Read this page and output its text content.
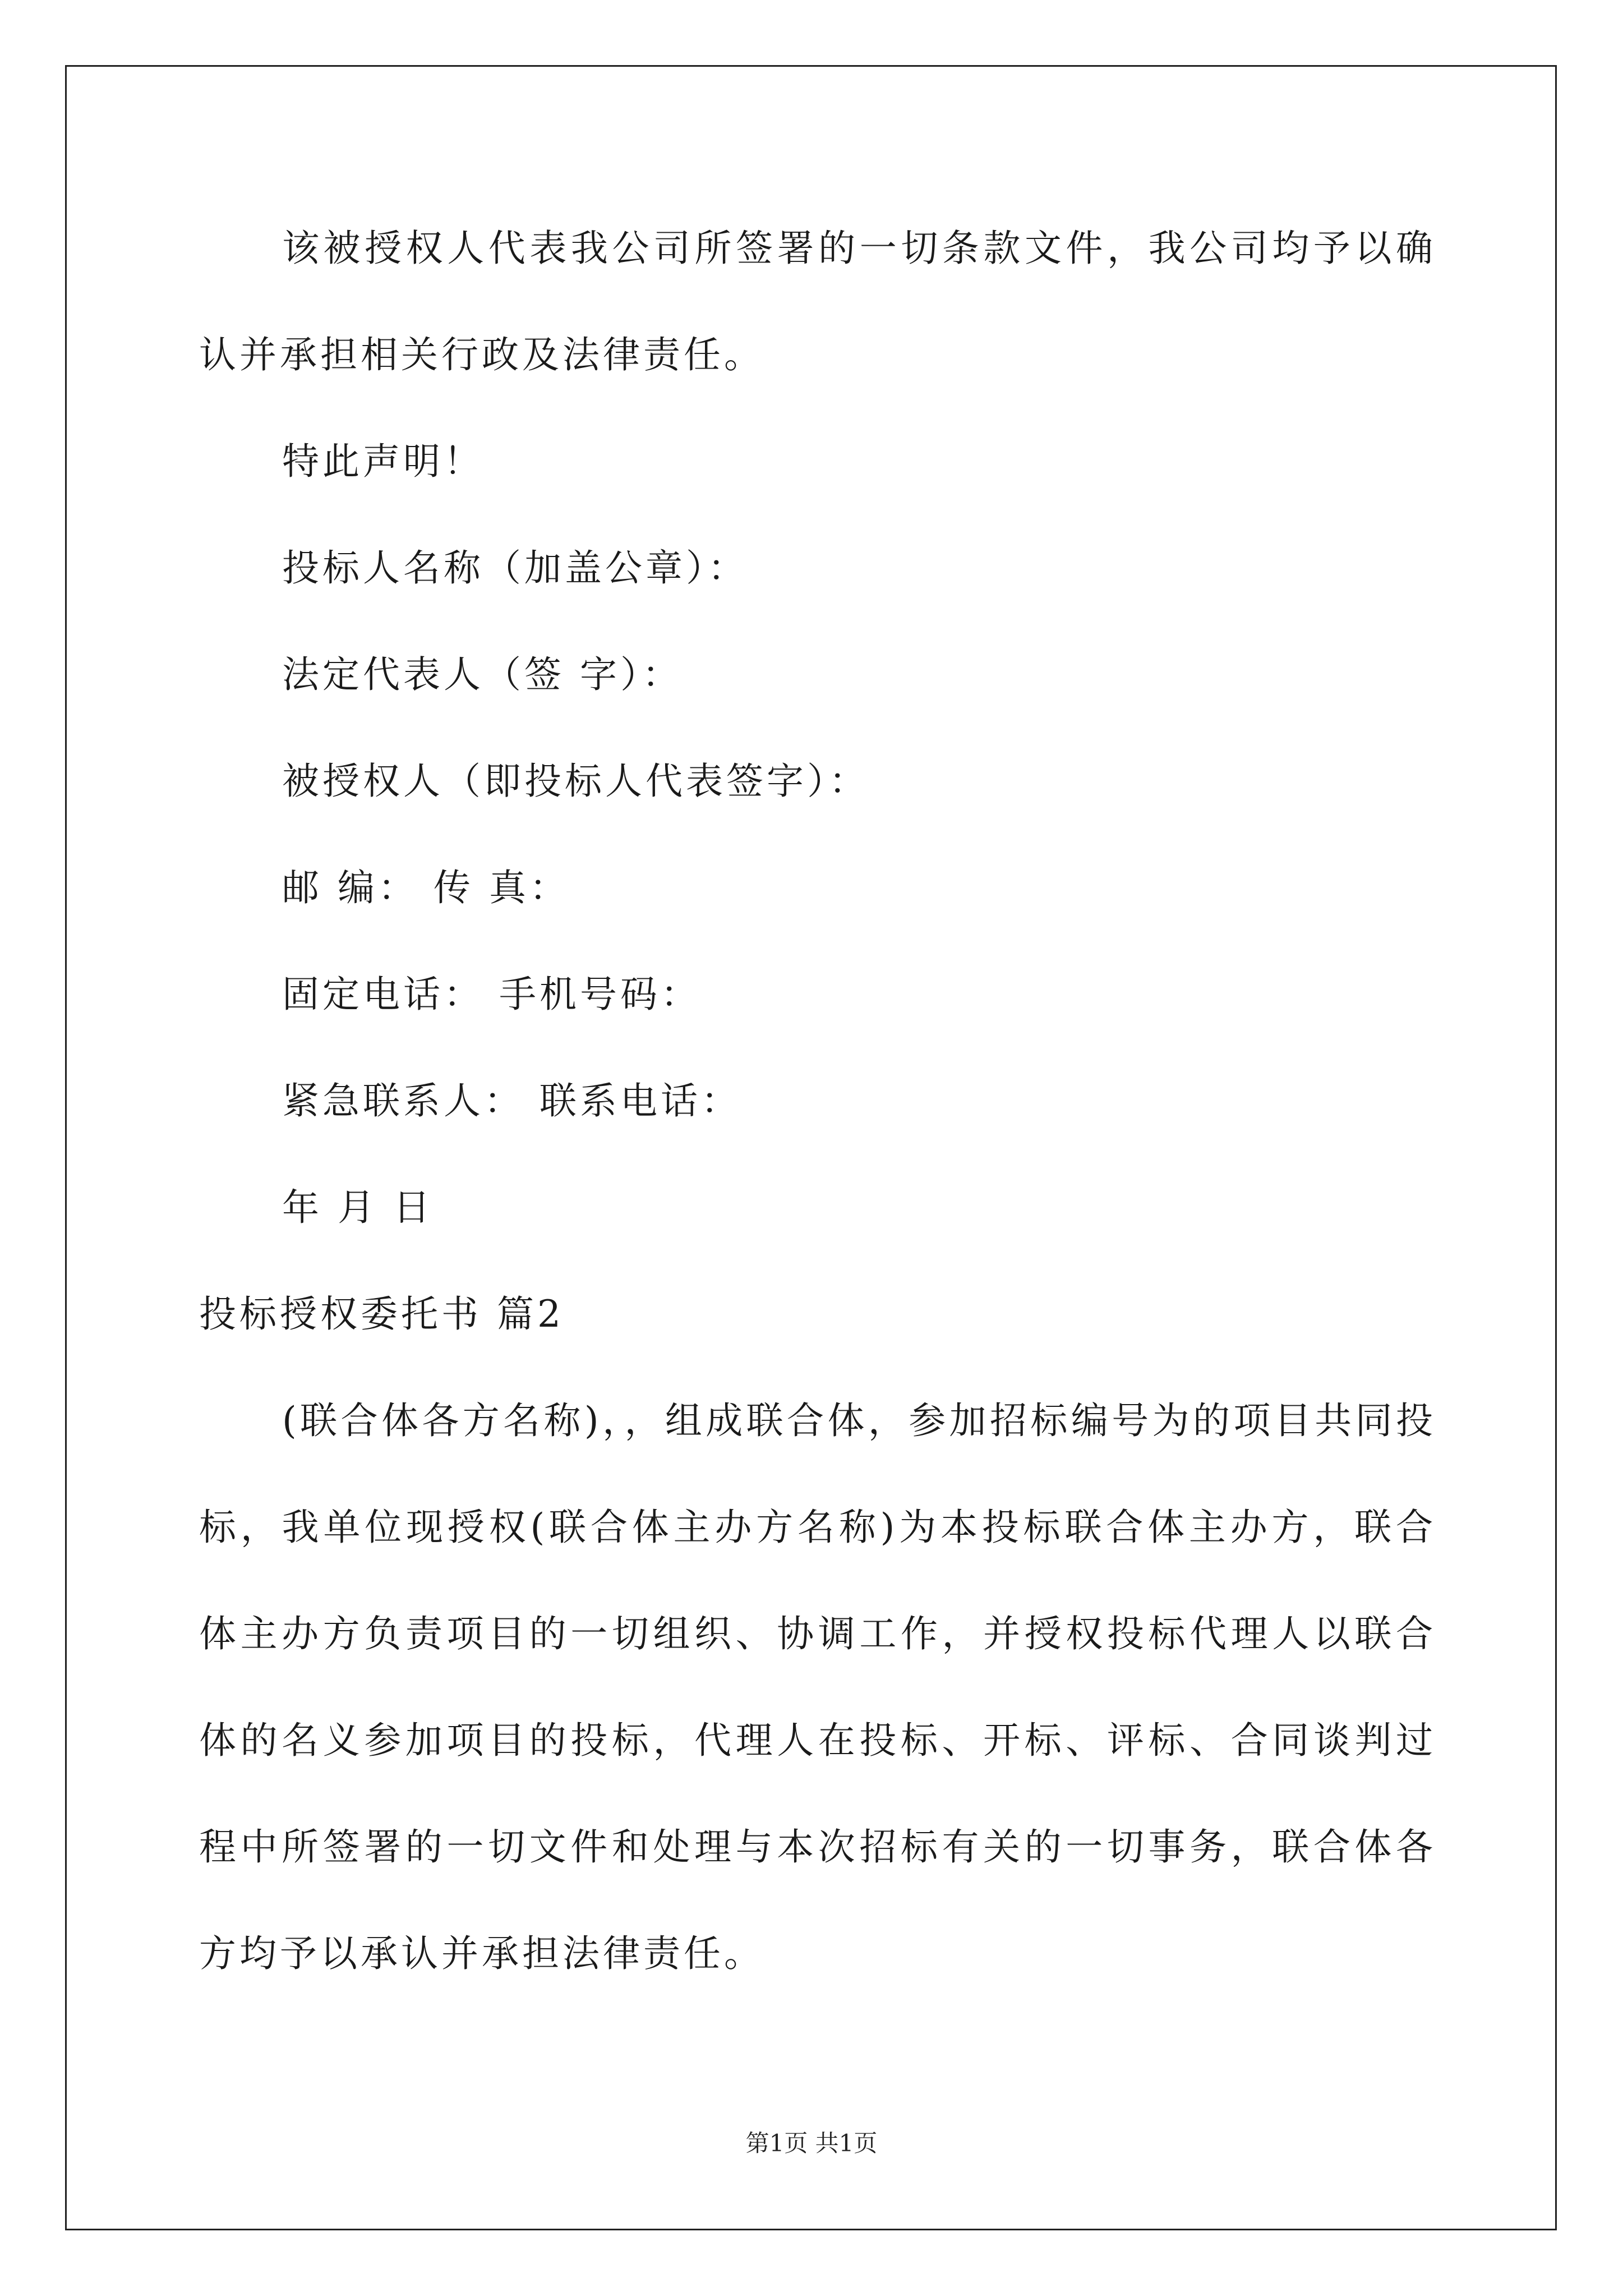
该被授权人代表我公司所签署的一切条款文件，我公司均予以确
认并承担相关行政及法律责任。
特此声明！
投标人名称（加盖公章）：
法定代表人（签 字）：
被授权人（即投标人代表签字）：
邮 编： 传 真：
固定电话： 手机号码：
紧急联系人： 联系电话：
年 月 日
投标授权委托书 篇2
(联合体各方名称)，，组成联合体，参加招标编号为的项目共同投
标，我单位现授权(联合体主办方名称)为本投标联合体主办方，联合
体主办方负责项目的一切组织、协调工作，并授权投标代理人以联合
体的名义参加项目的投标，代理人在投标、开标、评标、合同谈判过
程中所签署的一切文件和处理与本次招标有关的一切事务，联合体各
方均予以承认并承担法律责任。
第1页 共1页
